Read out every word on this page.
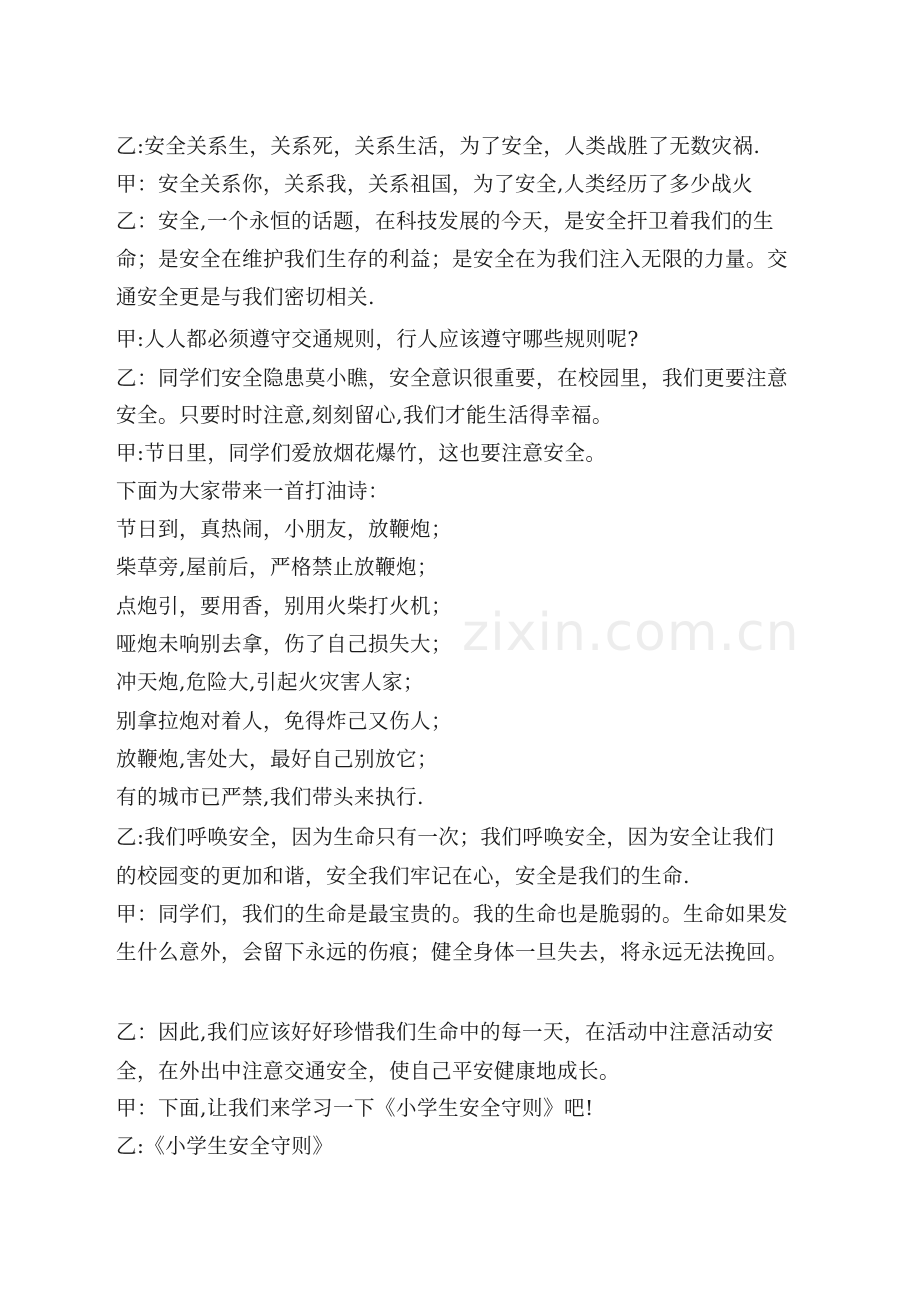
乙:安全关系生，关系死，关系生活，为了安全，人类战胜了无数灾祸.
甲：安全关系你，关系我，关系祖国，为了安全,人类经历了多少战火
乙：安全,一个永恒的话题，在科技发展的今天，是安全扞卫着我们的生
命；是安全在维护我们生存的利益；是安全在为我们注入无限的力量。交
通安全更是与我们密切相关.
甲:人人都必须遵守交通规则，行人应该遵守哪些规则呢?
乙：同学们安全隐患莫小瞧，安全意识很重要，在校园里，我们更要注意
安全。只要时时注意,刻刻留心,我们才能生活得幸福。
甲:节日里，同学们爱放烟花爆竹，这也要注意安全。
下面为大家带来一首打油诗：
节日到，真热闹，小朋友，放鞭炮；
柴草旁,屋前后，严格禁止放鞭炮；
点炮引，要用香，别用火柴打火机；
哑炮未响别去拿，伤了自己损失大；
冲天炮,危险大,引起火灾害人家；
别拿拉炮对着人，免得炸己又伤人；
放鞭炮,害处大，最好自己别放它；
有的城市已严禁,我们带头来执行.
乙:我们呼唤安全，因为生命只有一次；我们呼唤安全，因为安全让我们
的校园变的更加和谐，安全我们牢记在心，安全是我们的生命.
甲：同学们，我们的生命是最宝贵的。我的生命也是脆弱的。生命如果发
生什么意外，会留下永远的伤痕；健全身体一旦失去，将永远无法挽回。
乙：因此,我们应该好好珍惜我们生命中的每一天，在活动中注意活动安
全，在外出中注意交通安全，使自己平安健康地成长。
甲：下面,让我们来学习一下《小学生安全守则》吧!
乙:《小学生安全守则》
zixin.com.cn
